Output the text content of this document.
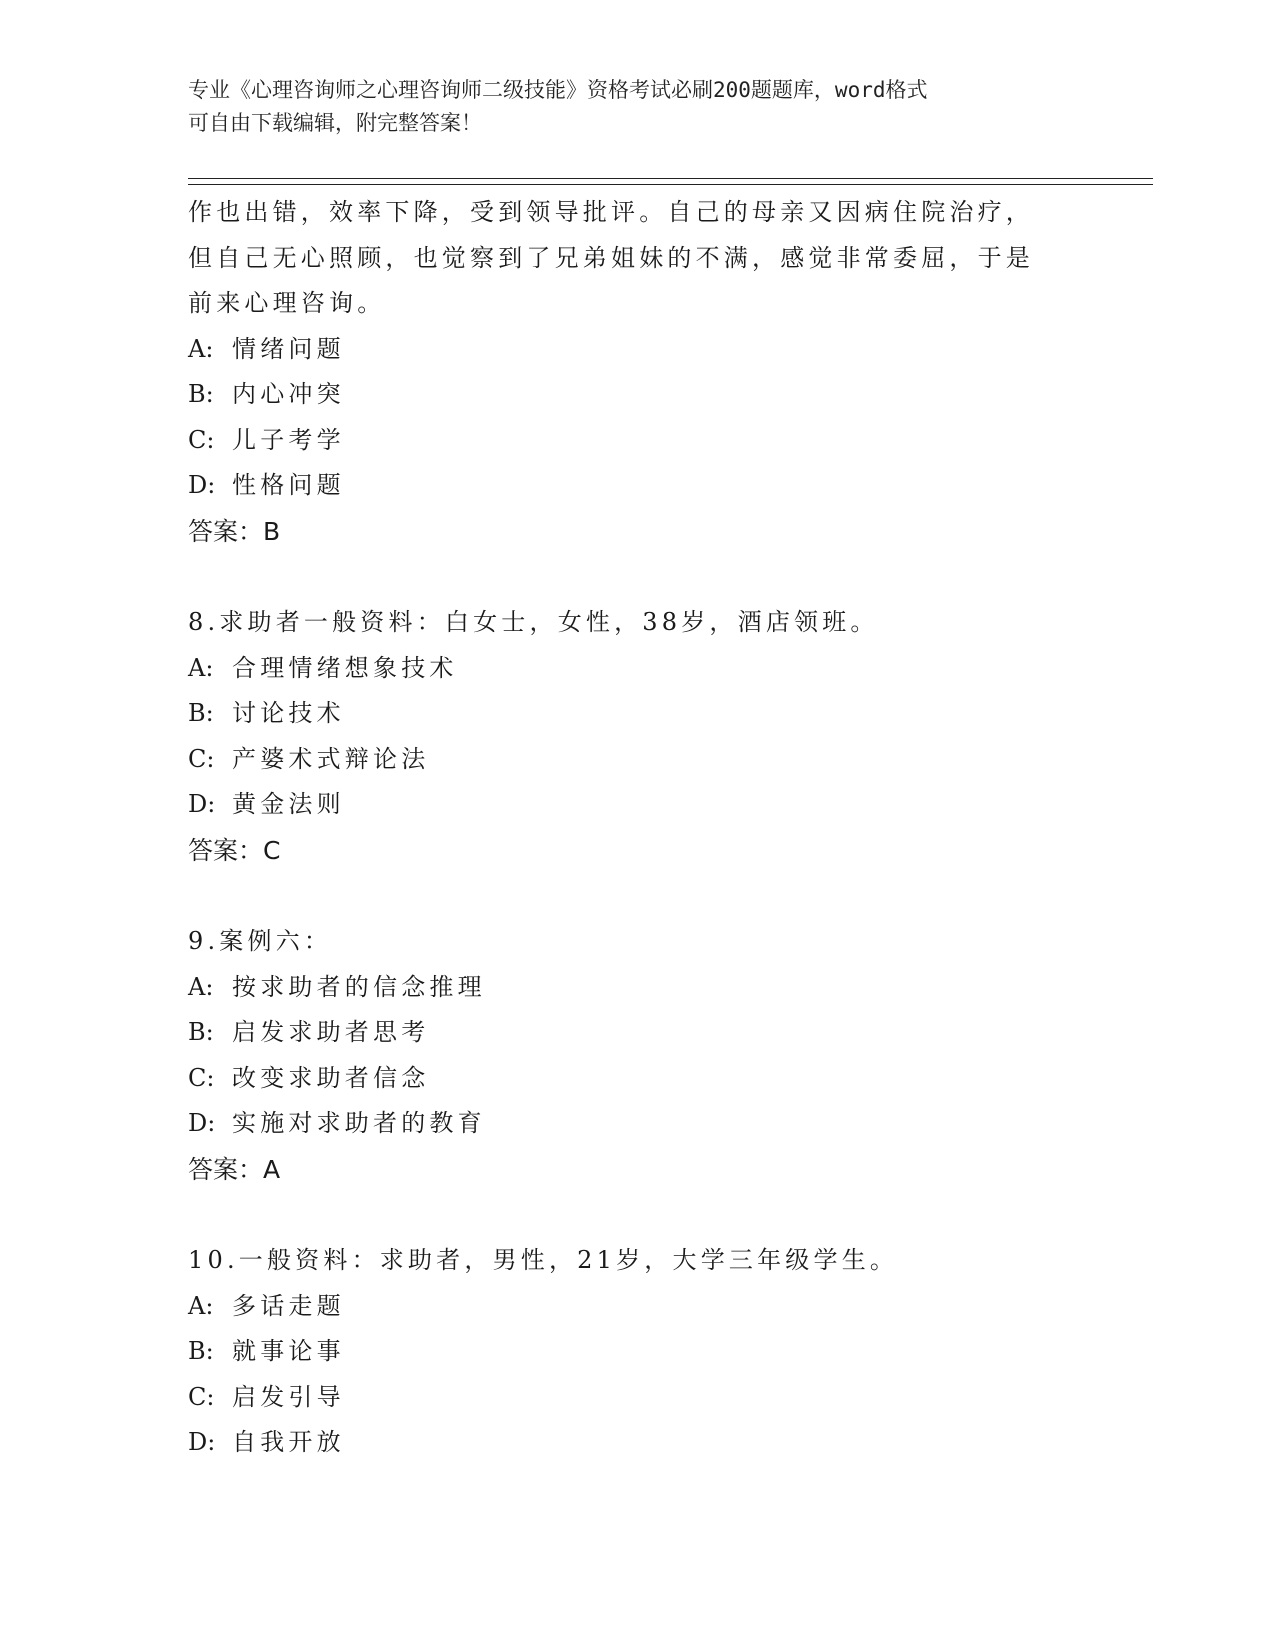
专业《心理咨询师之心理咨询师二级技能》资格考试必刷200题题库，word格式
可自由下载编辑，附完整答案！
作也出错，效率下降，受到领导批评。自己的母亲又因病住院治疗，
但自己无心照顾，也觉察到了兄弟姐妹的不满，感觉非常委屈，于是
前来心理咨询。
A: 情绪问题
B: 内心冲突
C: 儿子考学
D: 性格问题
答案：B
8.求助者一般资料：白女士，女性，38岁，酒店领班。
A: 合理情绪想象技术
B: 讨论技术
C: 产婆术式辩论法
D: 黄金法则
答案：C
9.案例六：
A: 按求助者的信念推理
B: 启发求助者思考
C: 改变求助者信念
D: 实施对求助者的教育
答案：A
10.一般资料：求助者，男性，21岁，大学三年级学生。
A: 多话走题
B: 就事论事
C: 启发引导
D: 自我开放
